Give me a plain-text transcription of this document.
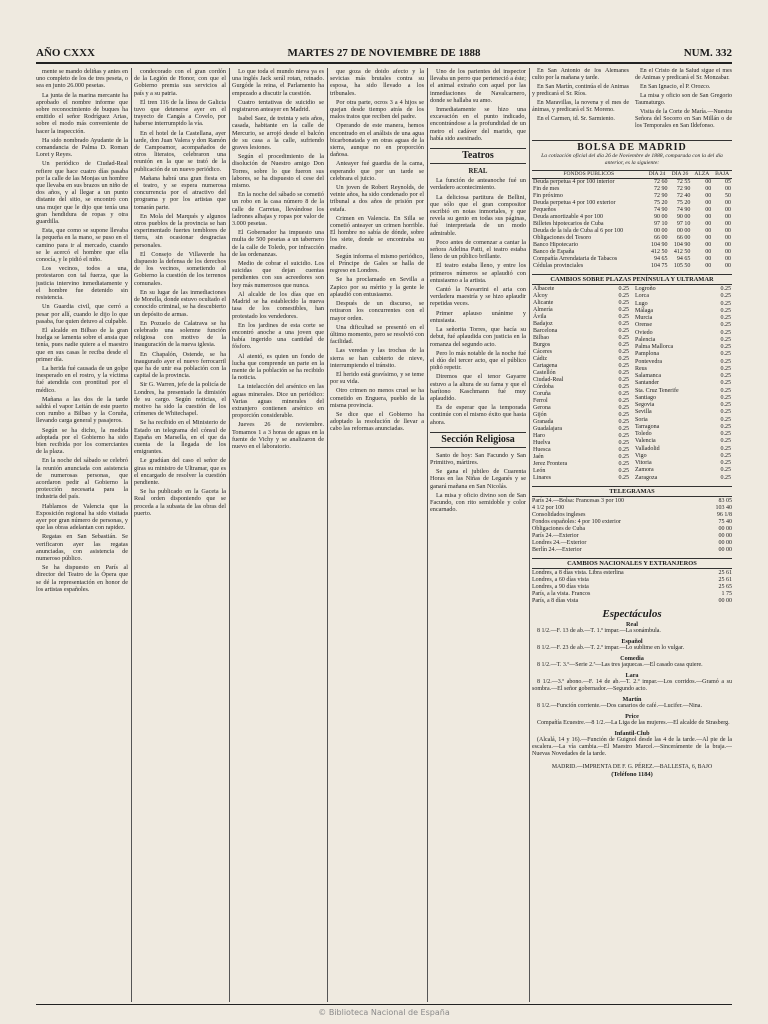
AÑO CXXX	MARTES 27 DE NOVIEMBRE DE 1888	NUM. 332

mente se mando deliñas y antes en uno completo de los de tres peseta, o sea en junto 26.000 pesetas.

La junta de la marina mercante ha aprobado el nombre informe que sobre reconocimiento de buques ha emitido el señor Rodríguez Arias, sobre el modo más conveniente de hacer la inspección.

Ha sido nombrado Ayudante de la comandancia de Palma D. Roman Loret y Reyes.

Un periódico de Ciudad-Real refiere que hace cuatro días pasaba por la calle de las Monjas un hombre que llevaba en sus brazos un niño de dos años, y al llegar a un punto distante del sitio, se encontró con una mujer que le dijo que tenía una gran hendidura de ropas y otra guardilla.

Esta, que como se supone llevaba la pequeña en la mano, se puso en el camino para ir al mercado, cuando se le acercó el hombre que ella conocía, y le pidió el niño.

Los vecinos, todos a una, protestaron con tal fuerza, que la justicia intervino inmediatamente y el hombre fue detenido sin resistencia.

Un Guardia civil, que cerró a pesar por allí, cuando le dijo lo que pasaba, fue quien detuvo al culpable.

El alcalde en Bilbao de la gran huelga se lamenta sobre el ansia que tenía, pues nadie quiere a el maestro que en sus casas le reciba desde el primer día.

La herida fué causada de un golpe inesperado en el rostro, y la víctima fué atendida con prontitud por el médico.

Mañana a las dos de la tarde saldrá el vapor Leitán de este puerto con rumbo a Bilbao y la Coruña, llevando carga general y pasajeros.

Según se ha dicho, la medida adoptada por el Gobierno ha sido bien recibida por los comerciantes de la plaza.

En la noche del sábado se celebró la reunión anunciada con asistencia de numerosas personas, que acordaron pedir al Gobierno la protección necesaria para la industria del país.

Hablamos de Valencia que la Exposición regional ha sido visitada ayer por gran número de personas, y que las obras adelantan con rapidez.

Regatas en San Sebastián. Se verificaron ayer las regatas anunciadas, con asistencia de numeroso público.

Se ha dispuesto en París al director del Teatro de la Ópera que se dé la representación en honor de los artistas españoles.

condecorado con el gran cordón de la Legión de Honor, con que el Gobierno premia sus servicios al país y a su patria.

El tren 116 de la línea de Galicia tuvo que detenerse ayer en el trayecto de Cangás a Covelo, por haberse interrumpido la vía.

En el hotel de la Castellana, ayer tarde, don Juan Valera y don Ramón de Campoamor, acompañados de otros literatos, celebraron una reunión en la que se trató de la publicación de un nuevo periódico.

Mañana habrá una gran fiesta en el teatro, y se espera numerosa concurrencia por el atractivo del programa y por los artistas que tomarán parte.

En Mola del Marqués y algunos otros pueblos de la provincia se han experimentado fuertes temblores de tierra, sin ocasionar desgracias personales.

El Consejo de Villaverde ha dispuesto la defensa de los derechos de los vecinos, sometiendo al Gobierno la cuestión de los terrenos comunales.

En su lugar de las inmediaciones de Morella, donde estuvo ocultado el conocido criminal, se ha descubierto un depósito de armas.

En Pozuelo de Calatrava se ha celebrado una solemne función religiosa con motivo de la inauguración de la nueva iglesia.

En Chapalón, Ostende, se ha inaugurado ayer el nuevo ferrocarril que ha de unir esa población con la capital de la provincia.

Sir G. Warren, jefe de la policía de Londres, ha presentado la dimisión de su cargo. Según noticias, el motivo ha sido la cuestión de los crímenes de Whitechapel.

Se ha recibido en el Ministerio de Estado un telegrama del cónsul de España en Marsella, en el que da cuenta de la llegada de los emigrantes.

Le gradúan del caso el señor de giras su ministro de Ultramar, que es el encargado de resolver la cuestión pendiente.

Se ha publicado en la Gaceta la Real orden disponiendo que se proceda a la subasta de las obras del puerto.

Lo que toda el mundo nieva ya es una inglés Jack serál rotan, reinado. Gurgóde la reina, el Parlamento ha empezado a discutir la cuestión.

Cuatro tentativas de suicidio se registraron anteayer en Madrid.

Isabel Saez, de treinta y seis años, casada, habitante en la calle de Mercurio, se arrojó desde el balcón de su casa a la calle, sufriendo graves lesiones.

Según el procedimiento de la disolución de Nuestro amigo Don Torres, sobre lo que fueron sus labores, se ha dispuesto el cese del mismo.

En la noche del sábado se cometió un robo en la casa número 8 de la calle de Carretas, llevándose los ladrones alhajas y ropas por valor de 3.000 pesetas.

El Gobernador ha impuesto una multa de 500 pesetas a un tabernero de la calle de Toledo, por infracción de las ordenanzas.

Medio de cobrar el suicidio. Los suicidas que dejan cuentas pendientes con sus acreedores son hoy más numerosos que nunca.

Al alcalde de los días que en Madrid se ha establecido la nueva tasa de los comestibles, han protestado los vendedores.

En los jardines de esta corte se encontró anoche a una joven que había ingerido una cantidad de fósforo.

Al atentó, es quien un fondo de lucha que comprende un parte en la mente de la población se ha recibido la noticia.

La intelacción del arsénico en las aguas minerales. Dice un periódico: Varias aguas minerales del extranjero contienen arsénico en proporción considerable.

Jueves 26 de noviembre. Tomamos 1 a 3 horas de aguas en la fuente de Vichy y se analizaron de nuevo en el laboratorio.

que goza de doido afecto y la sevicias más brutales contra su esposa, ha sido llevado a los tribunales.

Por otra parte, ocros 3 a 4 hijos se quejan desde tiempo atrás de los malos tratos que reciben del padre.

Operando de este manera, hemos encontrado en el análisis de una agua bicarbonatada y en otras aguas de la sierra, aunque no en proporción dañosa.

Anteayer fué guardia de la cama, esperando que por un tarde se celebrara el juicio.

Un joven de Robert Reynolds, de veinte años, ha sido condenado por el tribunal a dos años de prisión por estafa.

Crimen en Valencia. En Silla se cometió anteayer un crimen horrible. El hombre no sabía de dónde, sobre los siete, donde se encontraba su madre.

Según informa el mismo periódico, el Príncipe de Gales se halla de regreso en Londres.

Se ha proclamado en Sevilla a Zapico por su mérito y la gente le aplaudió con entusiasmo.

Después de un discurso, se retiraron los concurrentes con el mayor orden.

Una dificultad se presentó en el último momento, pero se resolvió con facilidad.

Las veredas y las trochas de la sierra se han cubierto de nieve, interrumpiendo el tránsito.

El herido está gravísimo, y se teme por su vida.

Otro crimen no menos cruel se ha cometido en Enguera, pueblo de la misma provincia.

Se dice que el Gobierno ha adoptado la resolución de llevar a cabo las reformas anunciadas.

Uno de los parientes del inspector llevaba un perro que perteneció a éste; el animal extraño con aquel por las inmediaciones de Navalcarnero, donde se hallaba su amo.

Inmediatamente se hizo una excavación en el punto indicado, encontrándose a la profundidad de un metro el cadáver del marido, que había sido asesinado.

Teatros
REAL

La función de anteanoche fué un verdadero acontecimiento.

La deliciosa partitura de Bellini, que sólo que el gran compositor escribió en notas inmortales, y que revela su genio en todas sus páginas, fué interpretada de un modo admirable.

Poco antes de comenzar a cantar la señora Adelina Patti, el teatro estaba lleno de un público brillante.

El teatro estaba lleno, y entre los primeros números se aplaudió con entusiasmo a la artista.

Cantó la Navarrini el aria con verdadera maestría y se hizo aplaudir repetidas veces.

Primer aplauso unánime y entusiasta.

La señorita Torres, que hacía su debut, fué aplaudida con justicia en la romanza del segundo acto.

Pero lo más notable de la noche fué el dúo del tercer acto, que el público pidió repetir.

Diremos que el tenor Gayarre estuvo a la altura de su fama y que el barítono Kaschmann fué muy aplaudido.

Es de esperar que la temporada continúe con el mismo éxito que hasta ahora.

Sección Religiosa

Santo de hoy: San Facundo y San Primitivo, mártires.

Se gana el jubileo de Cuarenta Horas en las Niñas de Leganés y se ganará mañana en San Nicolás.

La misa y oficio divino son de San Facundo, con rito semidoble y color encarnado.

En San Antonio de los Alemanes culto por la mañana y tarde.

En San Martín, continúa el de Animas y predicará el Sr. Ríos.

En Maravillas, la novena y el mes de ánimas, y predicará el Sr. Moreno.

En el Carmen, id. Sr. Sarmiento.

En el Cristo de la Salud sigue el mes de Animas y predicará el Sr. Monzabar.

En San Ignacio, el P. Orozco.

La misa y oficio son de San Gregorio Taumaturgo.

Visita de la Corte de María.—Nuestra Señora del Socorro en San Millán o de los Temporales en San Ildefonso.

BOLSA DE MADRID
La cotización oficial del día 26 de Noviembre de 1888, comparada con la del día anterior, es la siguiente:
FONDOS PÚBLICOS	DÍA 24	DÍA 26	ALZA	BAJA
Deuda perpetua 4 por 100 interior	72 60	72 55	00	05
Fin de mes	72 90	72 90	00	00
Fin próximo	72 90	72 40	00	50
Deuda perpetua 4 por 100 exterior	75 20	75 20	00	00
Pequeños	74 90	74 90	00	00
Deuda amortizable 4 por 100	90 00	90 00	00	00
Billetes hipotecarios de Cuba	97 10	97 10	00	00
Deuda de la isla de Cuba al 6 por 100	00 00	00 00	00	00
Obligaciones del Tesoro	66 00	66 00	00	00
Banco Hipotecario	104 90	104 90	00	00
Banco de España	412 50	412 50	00	00
Compañía Arrendataria de Tabacos	94 65	94 65	00	00
Cédulas provinciales	104 75	105 50	00	00
CAMBIOS SOBRE PLAZAS PENÍNSULA Y ULTRAMAR
Albacete	0.25
Alcoy	0.25
Alicante	0.25
Almería	0.25
Ávila	0.25
Badajoz	0.25
Barcelona	0.25
Bilbao	0.25
Burgos	0.25
Cáceres	0.25
Cádiz	0.25
Cartagena	0.25
Castellón	0.25
Ciudad-Real	0.25
Córdoba	0.25
Coruña	0.25
Ferrol	0.25
Gerona	0.25
Gijón	0.25
Granada	0.25
Guadalajara	0.25
Haro	0.25
Huelva	0.25
Huesca	0.25
Jaén	0.25
Jerez Frontera	0.25
León	0.25
Linares	0.25
Logroño	0.25
Lorca	0.25
Lugo	0.25
Málaga	0.25
Murcia	0.25
Orense	0.25
Oviedo	0.25
Palencia	0.25
Palma Mallorca	0.25
Pamplona	0.25
Pontevedra	0.25
Reus	0.25
Salamanca	0.25
Santander	0.25
Sta. Cruz Tenerife	0.25
Santiago	0.25
Segovia	0.25
Sevilla	0.25
Soria	0.25
Tarragona	0.25
Toledo	0.25
Valencia	0.25
Valladolid	0.25
Vigo	0.25
Vitoria	0.25
Zamora	0.25
Zaragoza	0.25
TELEGRAMAS
París 24.—Bolsa: Francesas 3 por 100	83 05
4 1/2 por 100	103 40
Consolidados ingleses	96 1/8
Fondos españoles: 4 por 100 exterior	75 40
Obligaciones de Cuba	00 00
París 24.—Exterior	00 00
Londres 24.—Exterior	00 00
Berlín 24.—Exterior	00 00
CAMBIOS NACIONALES Y EXTRANJEROS
Londres, a 8 días vista. Libra esterlina	25 61
Londres, a 60 días vista	25 61
Londres, a 90 días vista	25 65
París, a la vista. Francos	1 75
París, a 8 días vista	00 00
Espectáculos
Real

8 1/2.—F. 13 de ab.—T. 1.º impar.—La sonámbula.

Español

8 1/2.—F. 23 de ab.—T. 2.º impar.—Lo sublime en lo vulgar.

Comedia

8 1/2.—T. 3.º—Serie 2.ª—Las tres jaquecas.—El casado casa quiere.

Lara

8 1/2.—3.º abono.—F. 14 de ab.—T. 2.º impar.—Los corridos.—Gramó a su sombra.—El señor gobernador.—Segundo acto.

Martín

8 1/2.—Función corriente.—Dos canarios de café.—Lucifer.—Nina.

Price

Compañía Ecuestre.—8 1/2.—La Liga de las mujeres.—El alcalde de Strasberg.

Infantil-Club

(Alcalá, 14 y 16).—Función de Guignol desde las 4 de la tarde.—Al pie de la escalera.—La vía cambia.—El Maestro Marcel.—Sincerámente de la braja.—Nuevas Novedades de la tarde.

MADRID.—IMPRENTA DE F. G. PÉREZ.—BALLESTA, 6, BAJO
(Teléfono 1184)
© Biblioteca Nacional de España
